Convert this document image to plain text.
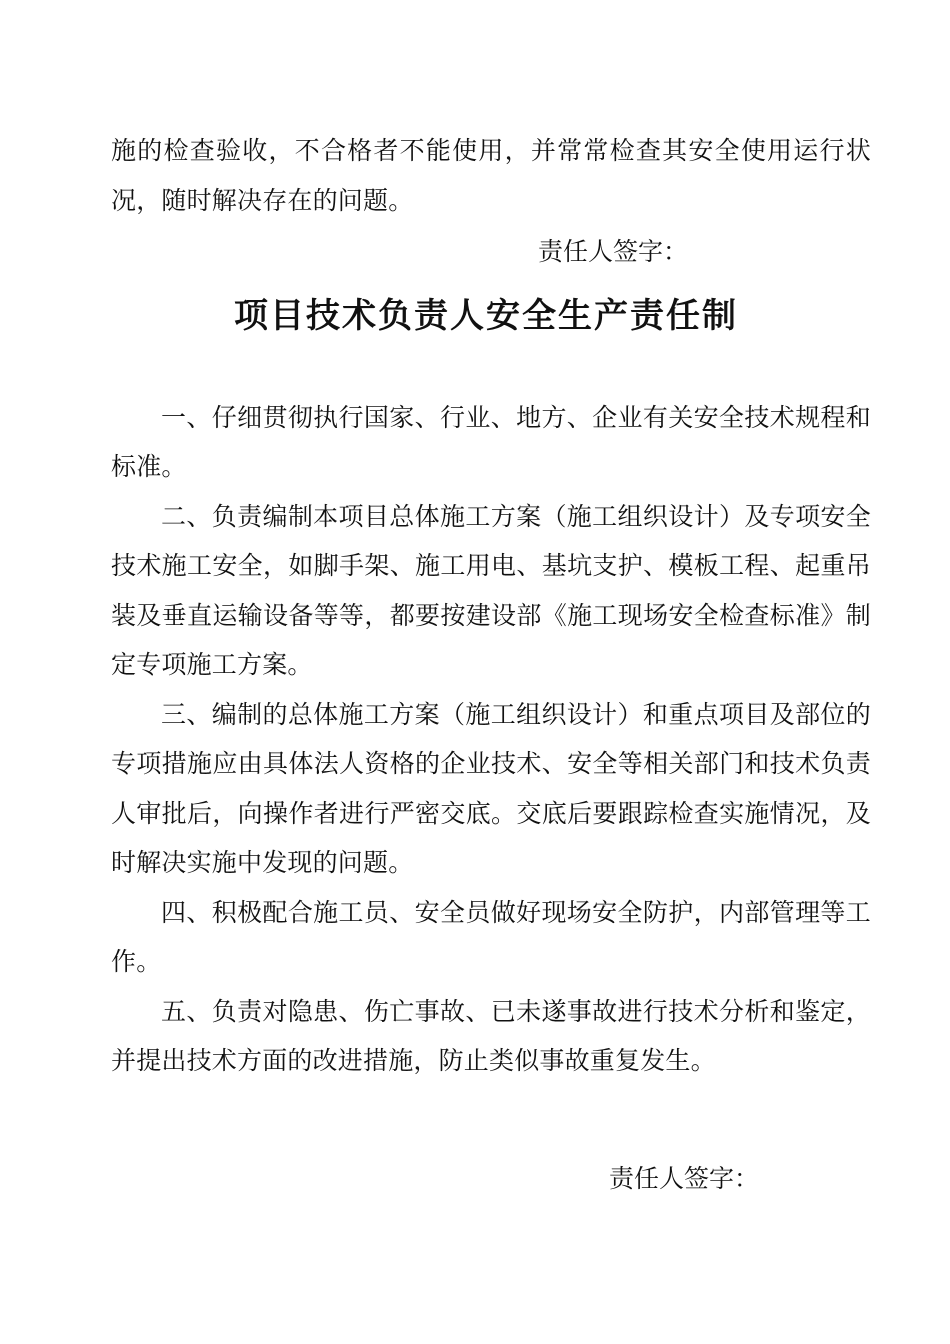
施的检查验收，不合格者不能使用，并常常检查其安全使用运行状况，随时解决存在的问题。

责任人签字：

项目技术负责人安全生产责任制

一、仔细贯彻执行国家、行业、地方、企业有关安全技术规程和标准。

二、负责编制本项目总体施工方案（施工组织设计）及专项安全技术施工安全，如脚手架、施工用电、基坑支护、模板工程、起重吊装及垂直运输设备等等，都要按建设部《施工现场安全检查标准》制定专项施工方案。

三、编制的总体施工方案（施工组织设计）和重点项目及部位的专项措施应由具体法人资格的企业技术、安全等相关部门和技术负责人审批后，向操作者进行严密交底。交底后要跟踪检查实施情况，及时解决实施中发现的问题。

四、积极配合施工员、安全员做好现场安全防护，内部管理等工作。

五、负责对隐患、伤亡事故、已未遂事故进行技术分析和鉴定，并提出技术方面的改进措施，防止类似事故重复发生。

责任人签字：
